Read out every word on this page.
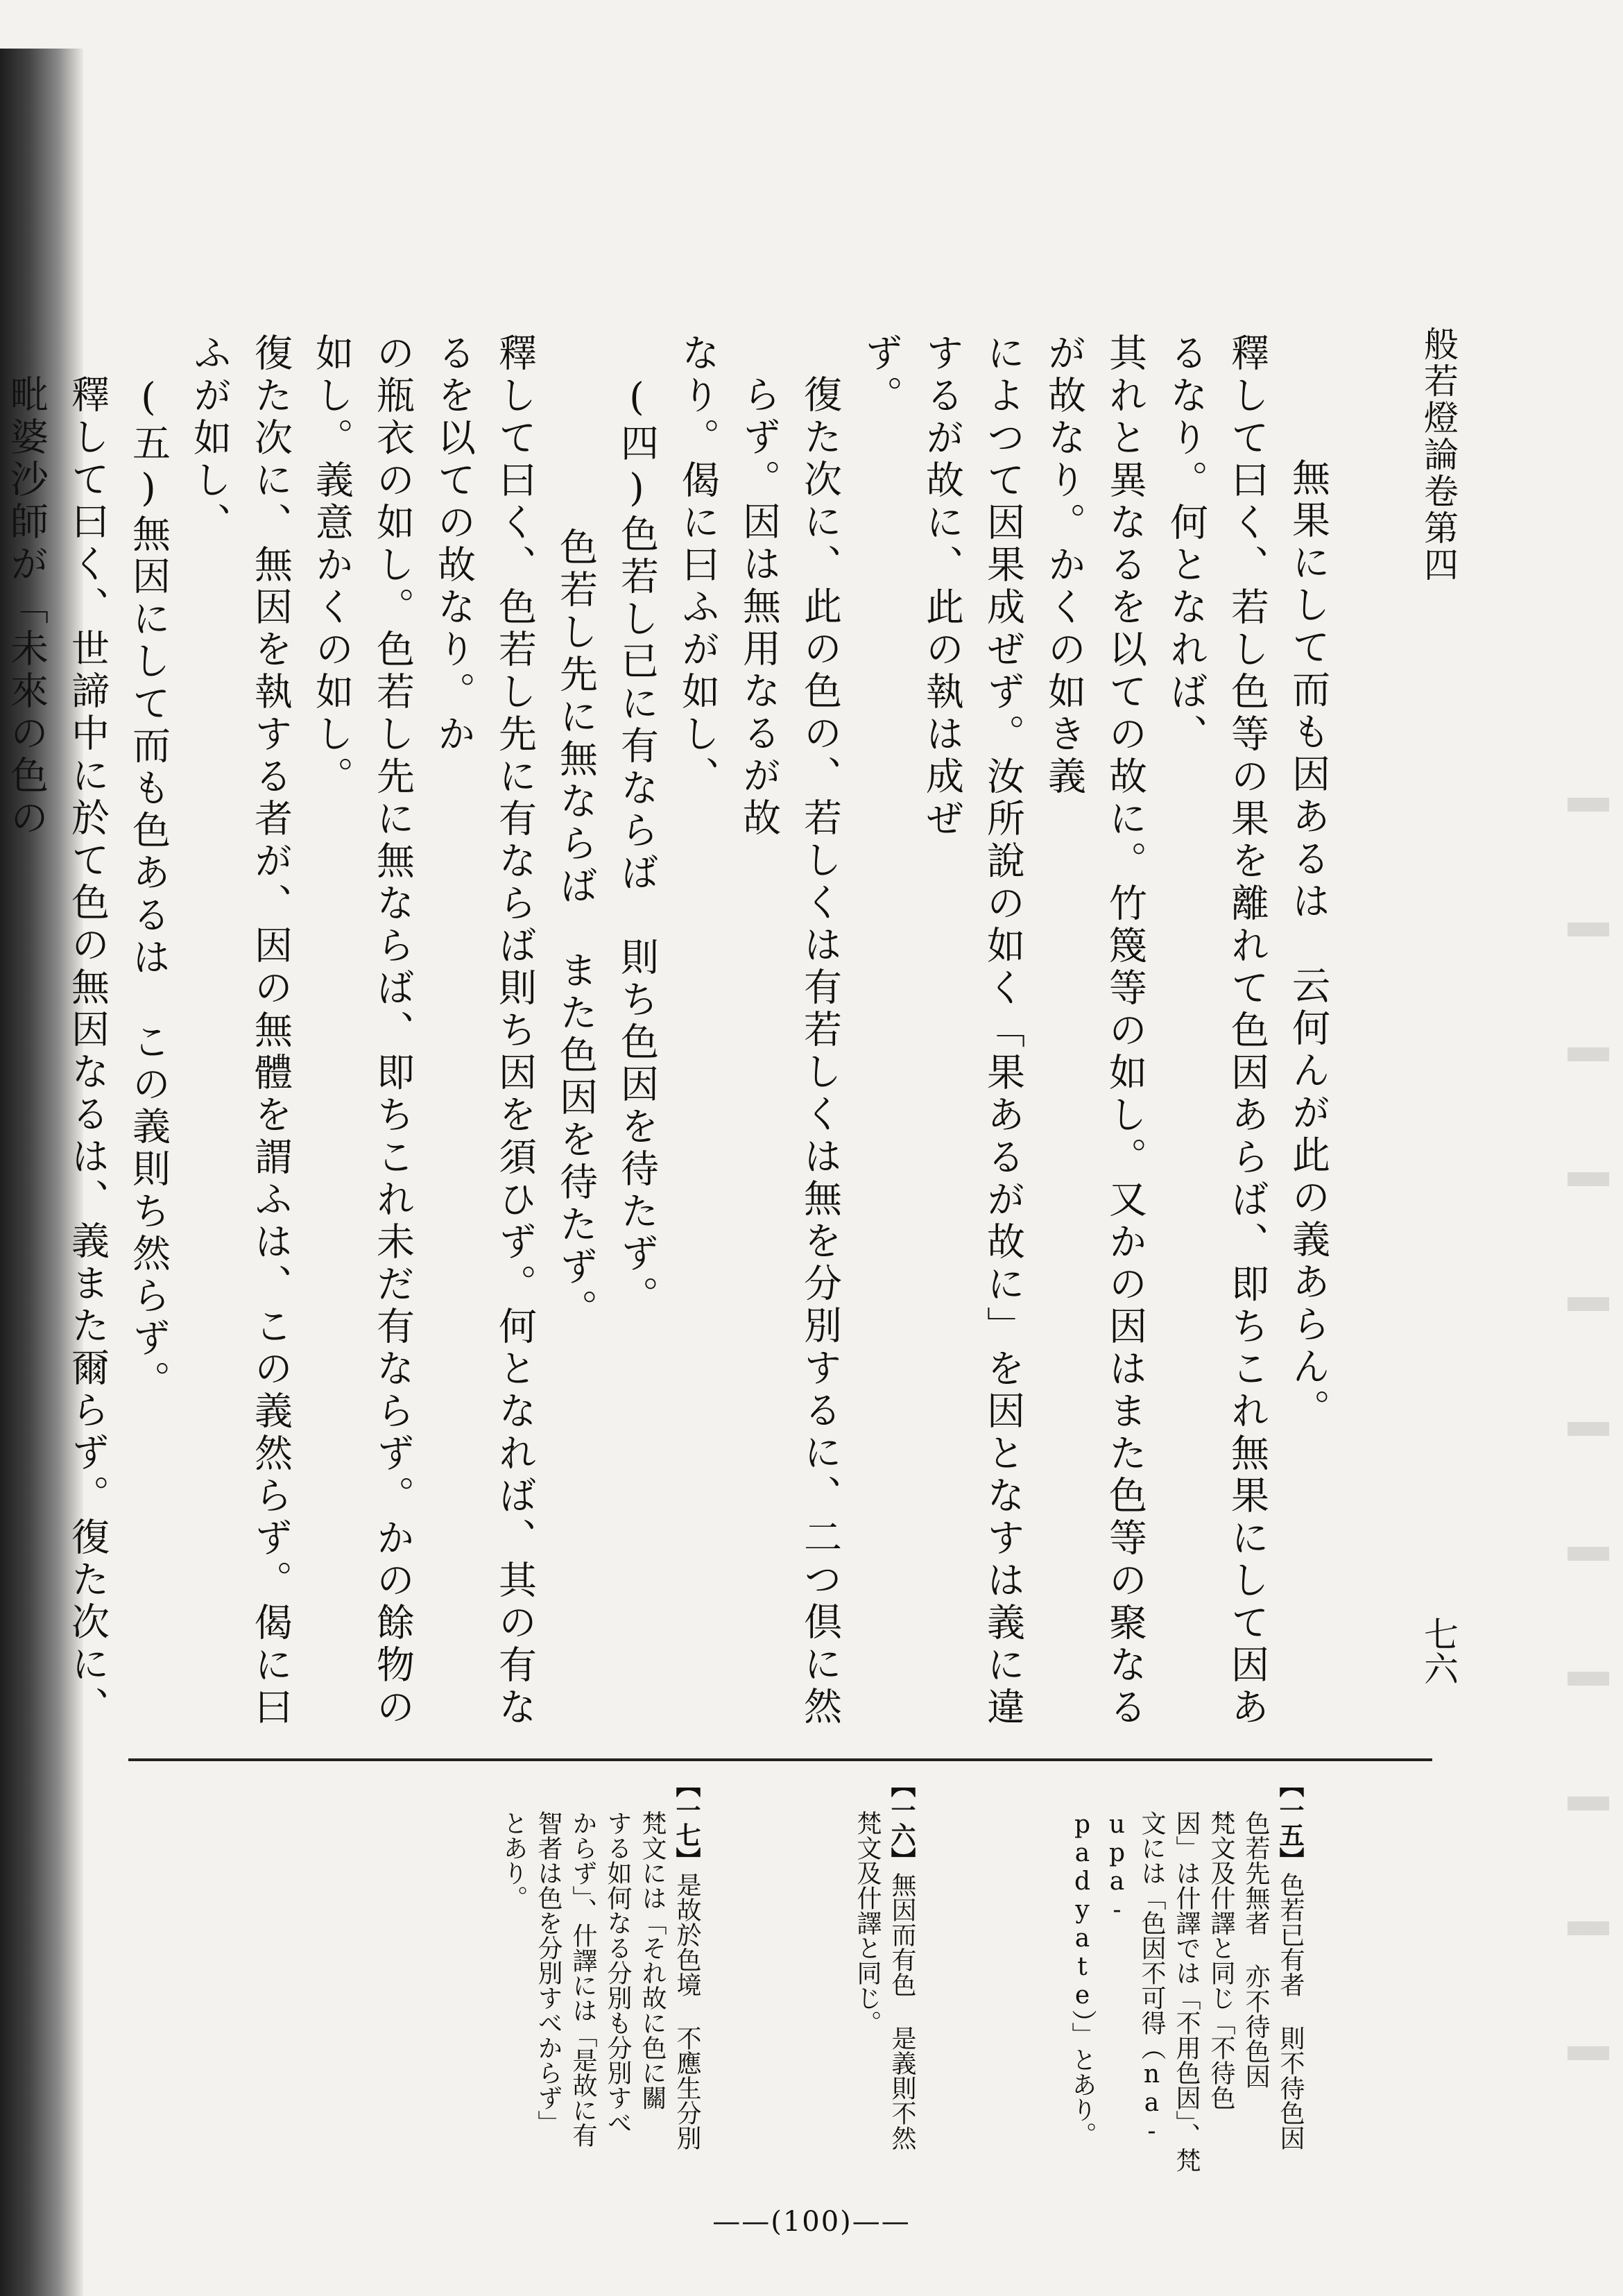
般若燈論卷第四
七六

無果にして而も因あるは　云何んが此の義あらん。

釋して曰く、若し色等の果を離れて色因あらば、即ちこれ無果にして因あるなり。何となれば、

其れと異なるを以ての故に。竹篾等の如し。又かの因はまた色等の聚なるが故なり。かくの如き義

によつて因果成ぜず。汝所說の如く「果あるが故に」を因となすは義に違するが故に、此の執は成ぜ

ず。

復た次に、此の色の、若しくは有若しくは無を分別するに、二つ倶に然らず。因は無用なるが故

なり。偈に曰ふが如し、

(四)色若し已に有ならば　則ち色因を待たず。

色若し先に無ならば　また色因を待たず。

釋して曰く、色若し先に有ならば則ち因を須ひず。何となれば、其の有なるを以ての故なり。か

の瓶衣の如し。色若し先に無ならば、即ちこれ未だ有ならず。かの餘物の如し。義意かくの如し。

復た次に、無因を執する者が、因の無體を謂ふは、この義然らず。偈に曰ふが如し、

(五)無因にして而も色あるは　この義則ち然らず。

釋して曰く、世諦中に於て色の無因なるは、義また爾らず。復た次に、毗婆沙師が「未來の色の

【一五】色若已有者 則不待色因

色若先無者 亦不待色因

梵文及什譯と同じ「不待色

因」は什譯では「不用色因」、梵

文には「色因不可得（na-upa-

padyate）」とあり。

【一六】無因而有色 是義則不然

梵文及什譯と同じ。

【一七】是故於色境 不應生分別

梵文には「それ故に色に關

する如何なる分別も分別すべ

からず」、什譯には「是故に有

智者は色を分別すべからず」

とあり。

——(100)——
